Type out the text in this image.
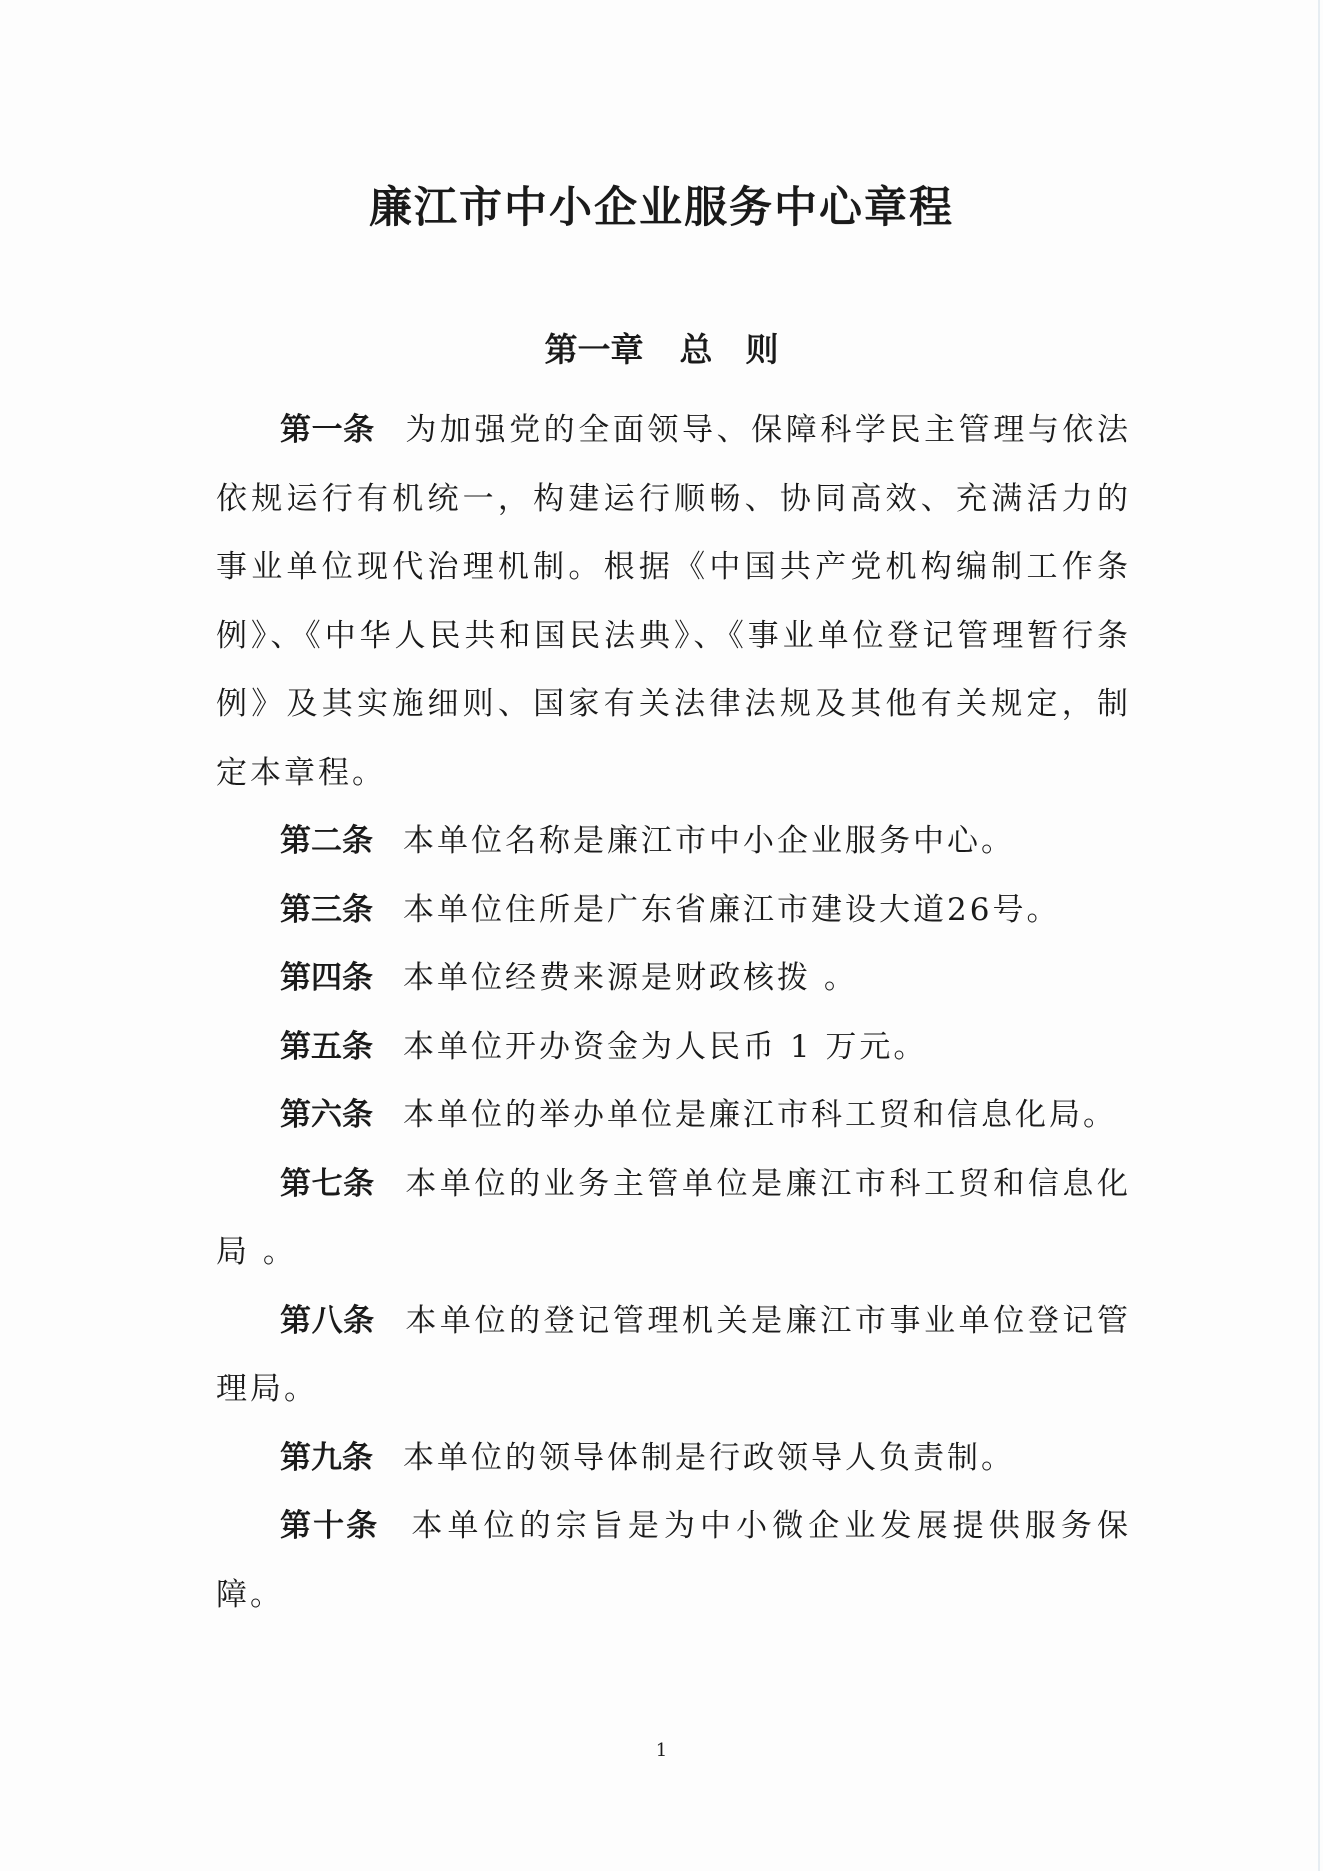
廉江市中小企业服务中心章程
第一章 总　则

第一条 为加强党的全面领导、保障科学民主管理与依法依规运行有机统一，构建运行顺畅、协同高效、充满活力的事业单位现代治理机制。根据《中国共产党机构编制工作条例》、《中华人民共和国民法典》、《事业单位登记管理暂行条例》及其实施细则、国家有关法律法规及其他有关规定，制定本章程。

第二条 本单位名称是廉江市中小企业服务中心。

第三条 本单位住所是广东省廉江市建设大道26号。

第四条 本单位经费来源是财政核拨 。

第五条 本单位开办资金为人民币 1 万元。

第六条 本单位的举办单位是廉江市科工贸和信息化局。

第七条 本单位的业务主管单位是廉江市科工贸和信息化局 。

第八条 本单位的登记管理机关是廉江市事业单位登记管理局。

第九条 本单位的领导体制是行政领导人负责制。

第十条 本单位的宗旨是为中小微企业发展提供服务保障。

1
